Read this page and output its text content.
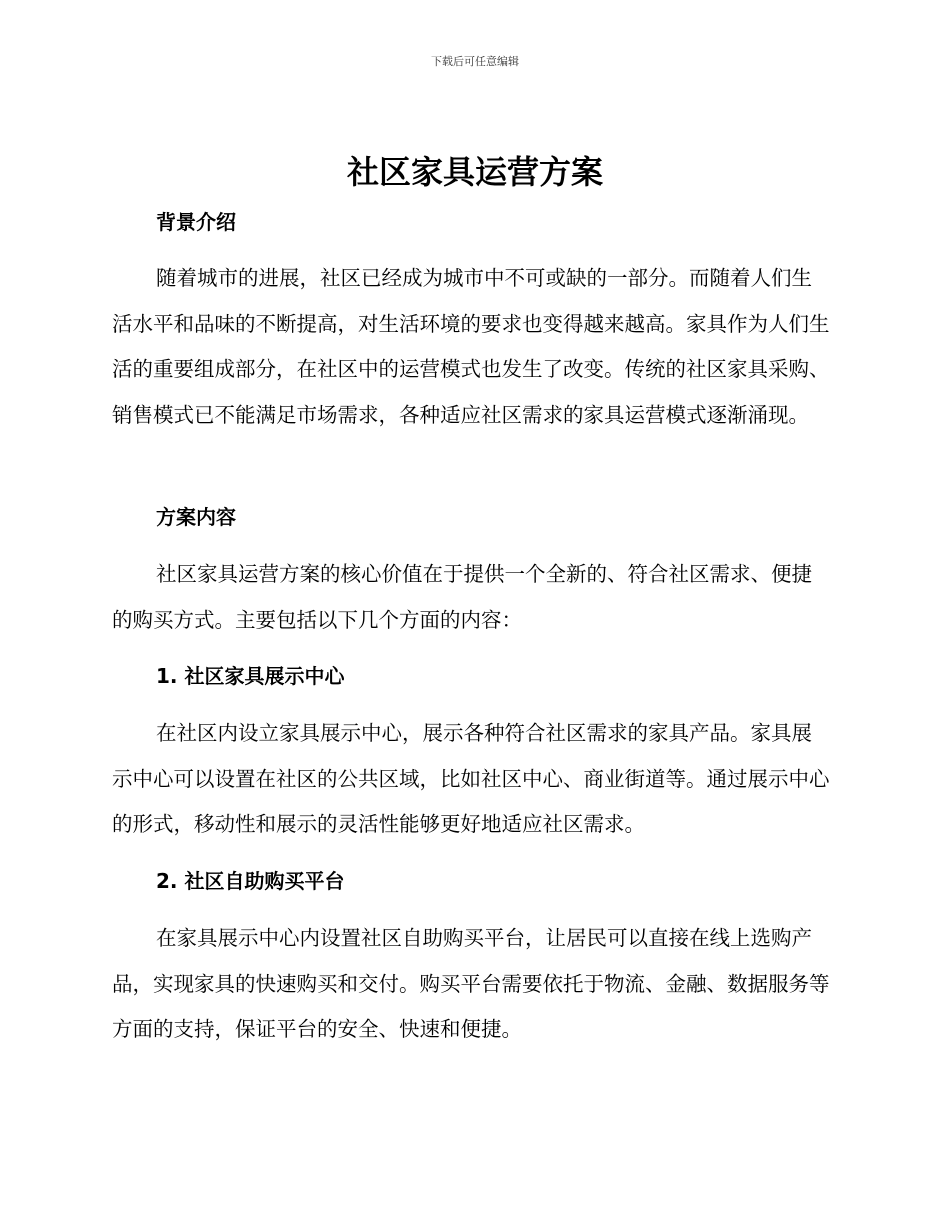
下载后可任意编辑
社区家具运营方案
背景介绍

随着城市的进展，社区已经成为城市中不可或缺的一部分。而随着人们生活水平和品味的不断提高，对生活环境的要求也变得越来越高。家具作为人们生活的重要组成部分，在社区中的运营模式也发生了改变。传统的社区家具采购、销售模式已不能满足市场需求，各种适应社区需求的家具运营模式逐渐涌现。

方案内容

社区家具运营方案的核心价值在于提供一个全新的、符合社区需求、便捷的购买方式。主要包括以下几个方面的内容：

1. 社区家具展示中心

在社区内设立家具展示中心，展示各种符合社区需求的家具产品。家具展示中心可以设置在社区的公共区域，比如社区中心、商业街道等。通过展示中心的形式，移动性和展示的灵活性能够更好地适应社区需求。

2. 社区自助购买平台

在家具展示中心内设置社区自助购买平台，让居民可以直接在线上选购产品，实现家具的快速购买和交付。购买平台需要依托于物流、金融、数据服务等方面的支持，保证平台的安全、快速和便捷。
